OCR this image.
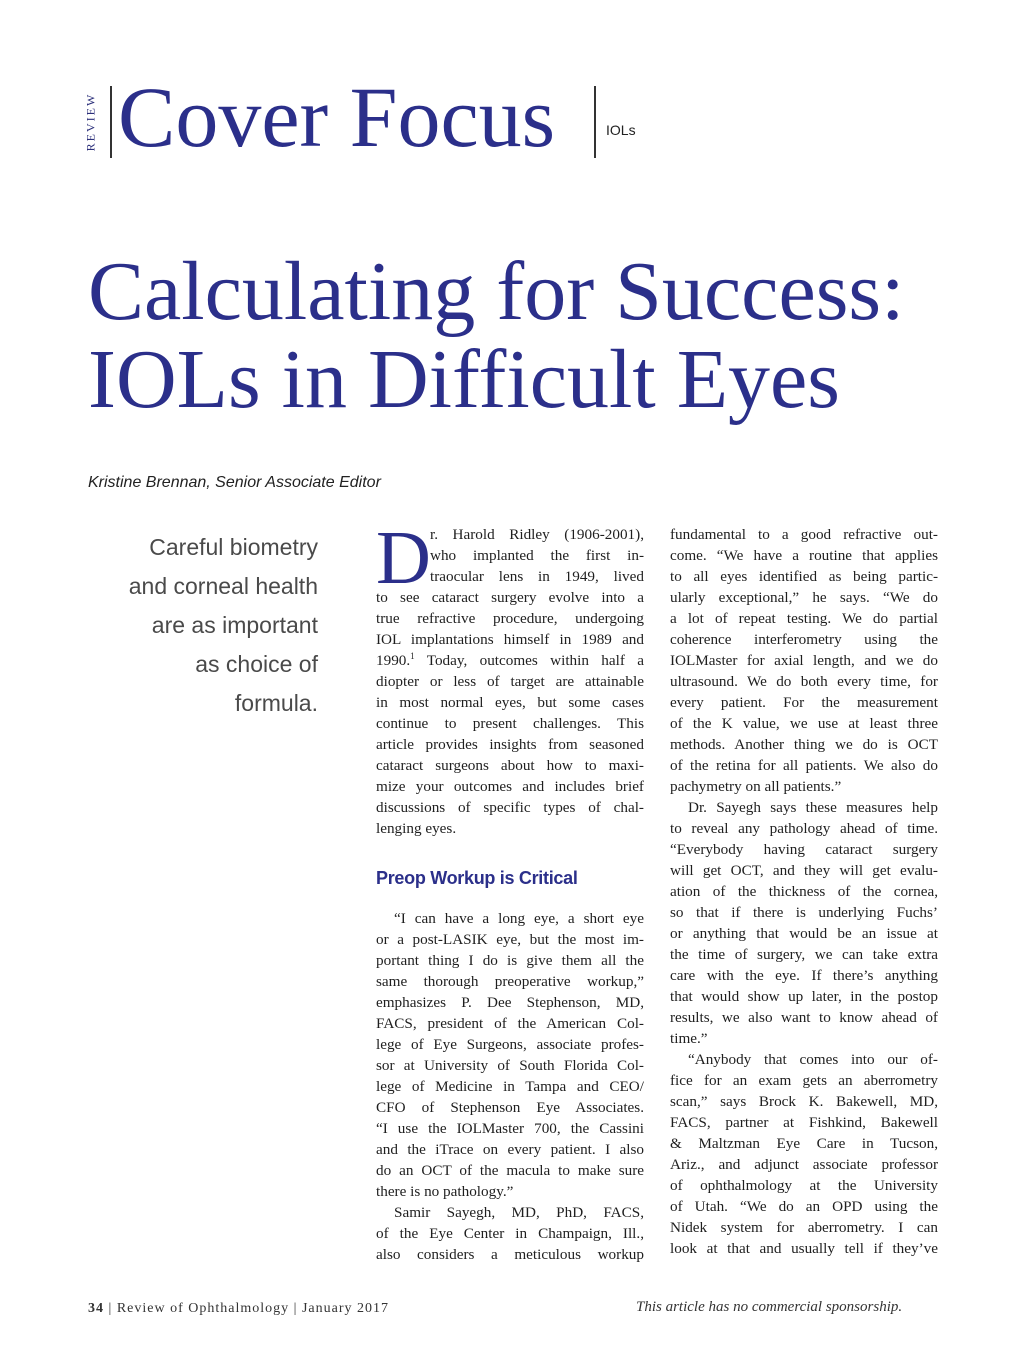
REVIEW Cover Focus	IOLs
Calculating for Success:
IOLs in Difficult Eyes
Kristine Brennan, Senior Associate Editor
Careful biometry
and corneal health
are as important
as choice of
formula.
D r. Harold Ridley (1906-2001),
who implanted the first in-
traocular lens in 1949, lived
to see cataract surgery evolve into a
true refractive procedure, undergoing
IOL implantations himself in 1989 and
1990.$^1$ Today, outcomes within half a
diopter or less of target are attainable
in most normal eyes, but some cases
continue to present challenges. This
article provides insights from seasoned
cataract surgeons about how to maxi-
mize your outcomes and includes brief
discussions of specific types of chal-
lenging eyes.
Preop Workup is Critical
“I can have a long eye, a short eye
or a post-LASIK eye, but the most im-
portant thing I do is give them all the
same thorough preoperative workup,”
emphasizes P. Dee Stephenson, MD,
FACS, president of the American Col-
lege of Eye Surgeons, associate profes-
sor at University of South Florida Col-
lege of Medicine in Tampa and CEO/
CFO of Stephenson Eye Associates.
“I use the IOLMaster 700, the Cassini
and the iTrace on every patient. I also
do an OCT of the macula to make sure
there is no pathology.”
Samir Sayegh, MD, PhD, FACS,
of the Eye Center in Champaign, Ill.,
also considers a meticulous workup
fundamental to a good refractive out-
come. “We have a routine that applies
to all eyes identified as being partic-
ularly exceptional,” he says. “We do
a lot of repeat testing. We do partial
coherence interferometry using the
IOLMaster for axial length, and we do
ultrasound. We do both every time, for
every patient. For the measurement
of the K value, we use at least three
methods. Another thing we do is OCT
of the retina for all patients. We also do
pachymetry on all patients.”
Dr. Sayegh says these measures help
to reveal any pathology ahead of time.
“Everybody having cataract surgery
will get OCT, and they will get evalu-
ation of the thickness of the cornea,
so that if there is underlying Fuchs’
or anything that would be an issue at
the time of surgery, we can take extra
care with the eye. If there’s anything
that would show up later, in the postop
results, we also want to know ahead of
time.”
“Anybody that comes into our of-
fice for an exam gets an aberrometry
scan,” says Brock K. Bakewell, MD,
FACS, partner at Fishkind, Bakewell
& Maltzman Eye Care in Tucson,
Ariz., and adjunct associate professor
of ophthalmology at the University
of Utah. “We do an OPD using the
Nidek system for aberrometry. I can
look at that and usually tell if they’ve
34 | Review of Ophthalmology | January 2017	This article has no commercial sponsorship.
